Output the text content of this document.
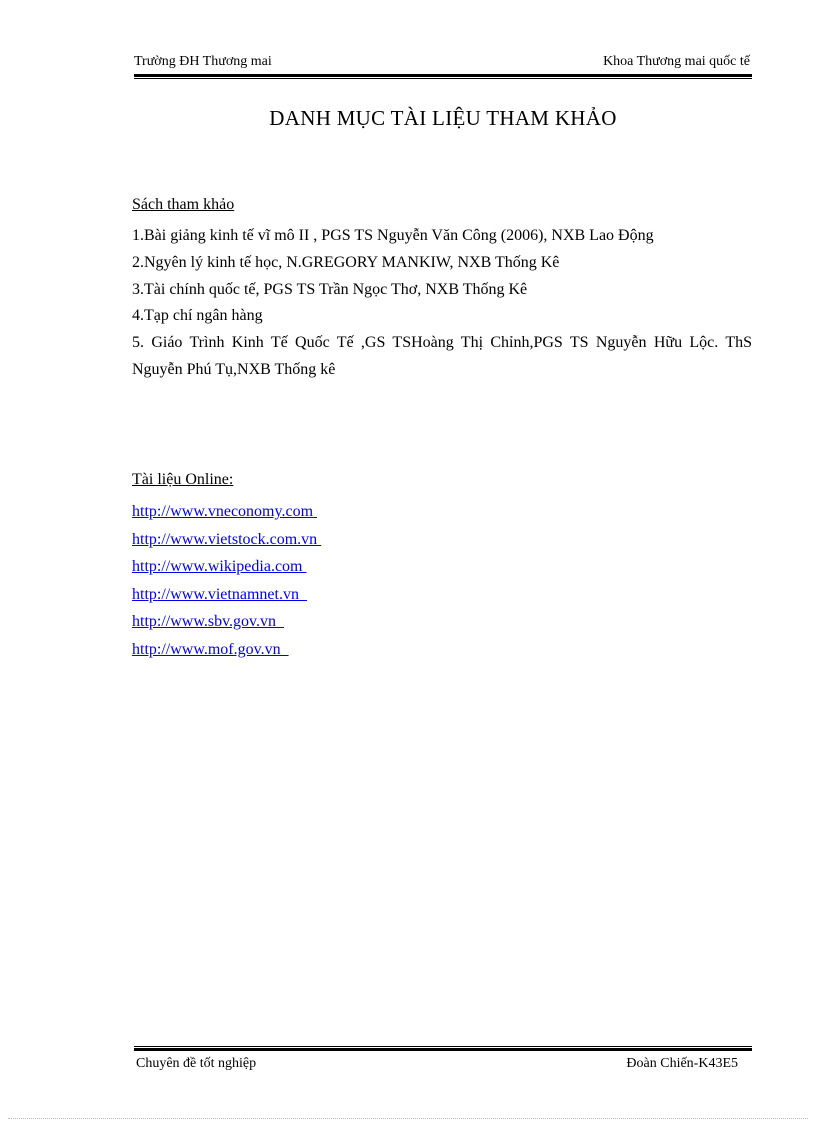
Trường ĐH Thương mai	Khoa Thương mai quốc tế
DANH MỤC TÀI LIỆU THAM KHẢO
Sách tham khảo
1.Bài giảng kinh tế vĩ mô II , PGS TS Nguyễn Văn Công (2006), NXB Lao Động
2.Ngyên lý kinh tế học, N.GREGORY MANKIW, NXB Thống Kê
3.Tài chính quốc tế, PGS TS Trần Ngọc Thơ, NXB Thống Kê
4.Tạp chí ngân hàng
5. Giáo Trình Kinh Tế Quốc Tế ,GS TSHoàng Thị Chỉnh,PGS TS Nguyễn Hữu Lộc. ThS Nguyễn Phú Tụ,NXB Thống kê
Tài liệu Online:
http://www.vneconomy.com
http://www.vietstock.com.vn
http://www.wikipedia.com
http://www.vietnamnet.vn
http://www.sbv.gov.vn
http://www.mof.gov.vn
Chuyên đề tốt nghiệp	Đoàn Chiến-K43E5
